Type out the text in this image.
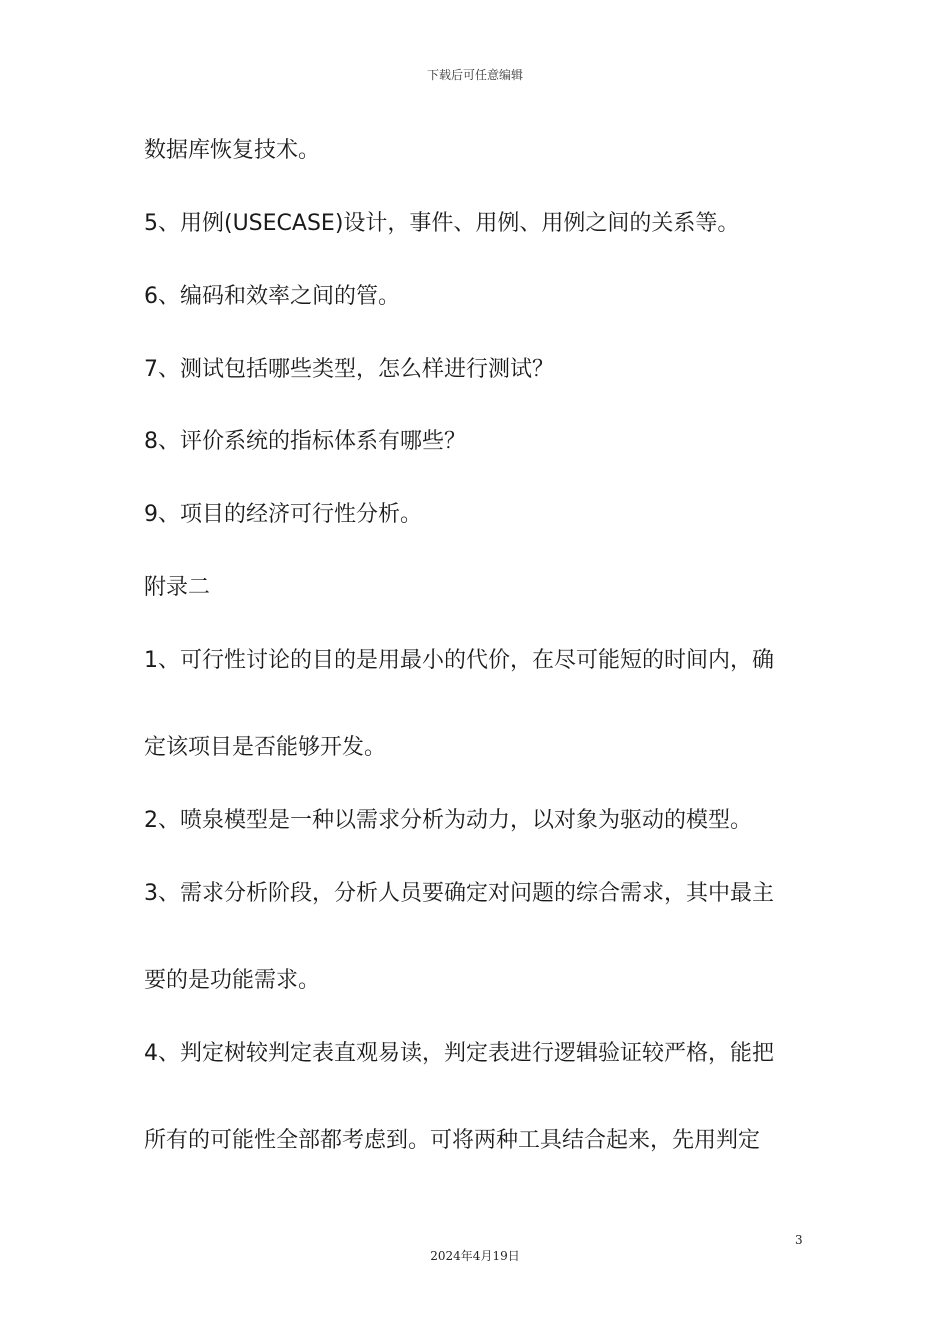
下载后可任意编辑
数据库恢复技术。
5、用例(USECASE)设计，事件、用例、用例之间的关系等。
6、编码和效率之间的管。
7、测试包括哪些类型，怎么样进行测试？
8、评价系统的指标体系有哪些？
9、项目的经济可行性分析。
附录二
1、可行性讨论的目的是用最小的代价，在尽可能短的时间内，确
定该项目是否能够开发。
2、喷泉模型是一种以需求分析为动力，以对象为驱动的模型。
3、需求分析阶段，分析人员要确定对问题的综合需求，其中最主
要的是功能需求。
4、判定树较判定表直观易读，判定表进行逻辑验证较严格，能把
所有的可能性全部都考虑到。可将两种工具结合起来，先用判定
3
2024年4月19日
